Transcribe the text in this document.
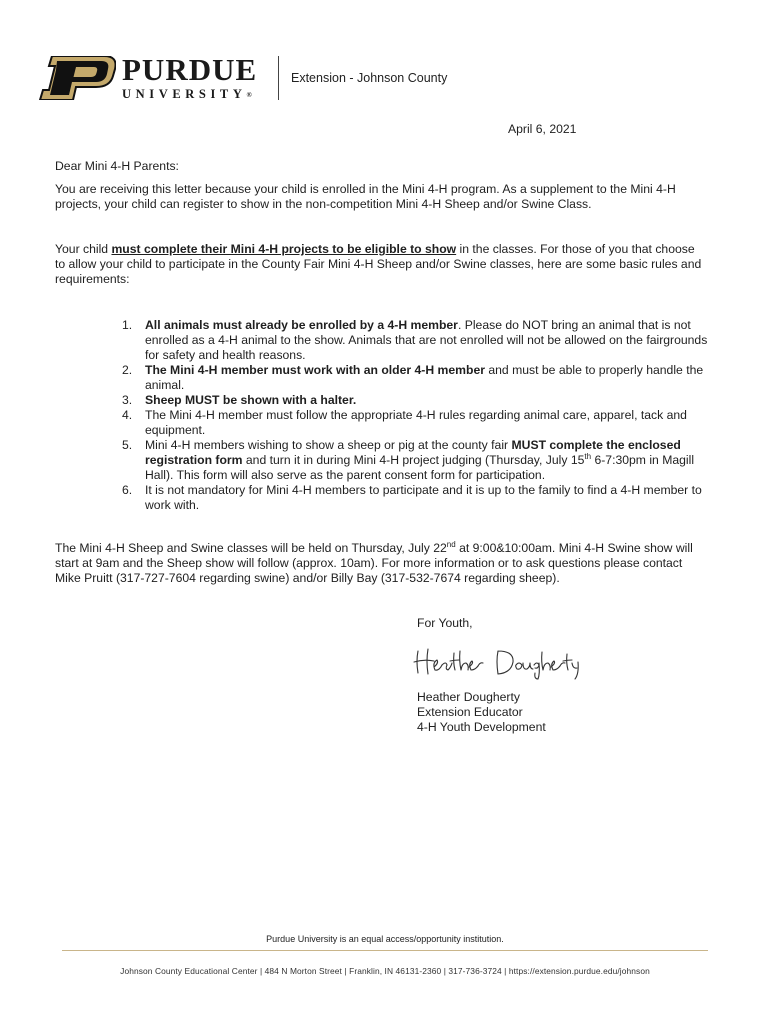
PURDUE
UNIVERSITY®
Extension - Johnson County
April 6, 2021
Dear Mini 4-H Parents:
You are receiving this letter because your child is enrolled in the Mini 4-H program. As a supplement to the Mini 4-H projects, your child can register to show in the non-competition Mini 4-H Sheep and/or Swine Class.
Your child must complete their Mini 4-H projects to be eligible to show in the classes. For those of you that choose to allow your child to participate in the County Fair Mini 4-H Sheep and/or Swine classes, here are some basic rules and requirements:
1. All animals must already be enrolled by a 4-H member. Please do NOT bring an animal that is not enrolled as a 4-H animal to the show. Animals that are not enrolled will not be allowed on the fairgrounds for safety and health reasons.
2. The Mini 4-H member must work with an older 4-H member and must be able to properly handle the animal.
3. Sheep MUST be shown with a halter.
4. The Mini 4-H member must follow the appropriate 4-H rules regarding animal care, apparel, tack and equipment.
5. Mini 4-H members wishing to show a sheep or pig at the county fair MUST complete the enclosed registration form and turn it in during Mini 4-H project judging (Thursday, July 15th 6-7:30pm in Magill Hall). This form will also serve as the parent consent form for participation.
6. It is not mandatory for Mini 4-H members to participate and it is up to the family to find a 4-H member to work with.
The Mini 4-H Sheep and Swine classes will be held on Thursday, July 22nd at 9:00&10:00am. Mini 4-H Swine show will start at 9am and the Sheep show will follow (approx. 10am). For more information or to ask questions please contact Mike Pruitt (317-727-7604 regarding swine) and/or Billy Bay (317-532-7674 regarding sheep).
For Youth,
Heather Dougherty
Extension Educator
4-H Youth Development
Purdue University is an equal access/opportunity institution.
Johnson County Educational Center | 484 N Morton Street | Franklin, IN 46131-2360 | 317-736-3724 | https://extension.purdue.edu/johnson
